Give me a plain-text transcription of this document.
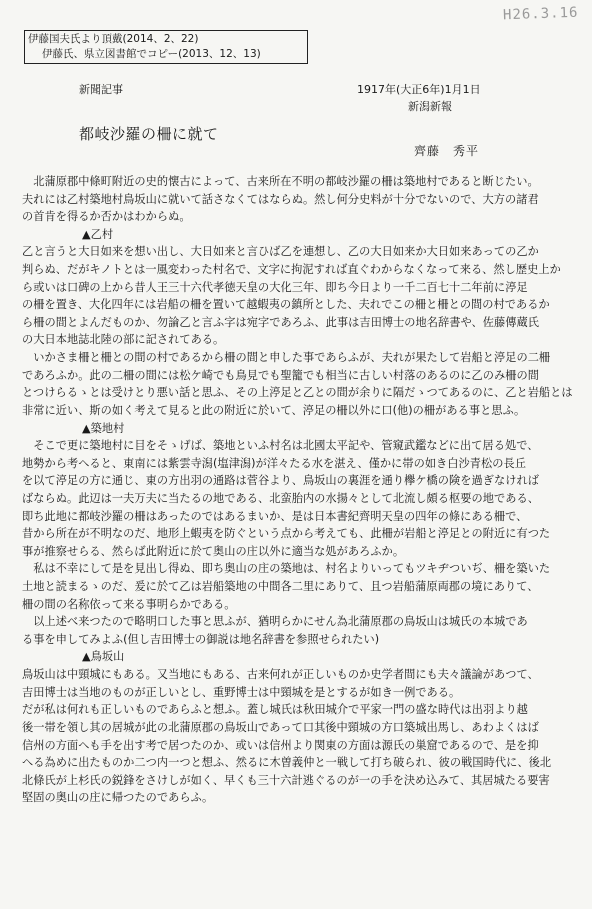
H26.3.16
伊藤国夫氏より頂戴(2014、2、22)
伊藤氏、県立図書館でコピー(2013、12、13)
新聞記事	1917年(大正6年)1月1日
新潟新報
都岐沙羅の柵に就て
齊藤　秀平
　北蒲原郡中條町附近の史的懐古によって、古来所在不明の都岐沙羅の柵は築地村であると断じたい。
夫れには乙村築地村鳥坂山に就いて話さなくてはならぬ。然し何分史料が十分でないので、大方の諸君
の首肯を得るか否かはわからぬ。
▲乙村
乙と言うと大日如来を想い出し、大日如来と言ひば乙を連想し、乙の大日如来か大日如来あっての乙か
判らぬ、だがキノトとは一風変わった村名で、文字に拘泥すれば直ぐわからなくなって来る、然し歴史上か
ら或いは口碑の上から昔人王三十六代孝徳天皇の大化三年、即ち今日より一千二百七十二年前に渟足
の柵を置き、大化四年には岩船の柵を置いて越蝦夷の鎮所とした、夫れでこの柵と柵との間の村であるか
ら柵の間とよんだものか、勿論乙と言ふ字は宛字であろふ、此事は吉田博士の地名辞書や、佐藤傳蔵氏
の大日本地誌北陸の部に記されてある。
　いかさま柵と柵との間の村であるから柵の間と申した事であらふが、夫れが果たして岩船と渟足の二柵
であろふか。此の二柵の間には松ケ崎でも鳥見でも聖籠でも相当に古しい村落のあるのに乙のみ柵の間
とつけらるゝとは受けとり悪い話と思ふ、その上渟足と乙との間が余りに隔だゝつてあるのに、乙と岩船とは
非常に近い、斯の如く考えて見ると此の附近に於いて、渟足の柵以外に口(他)の柵がある事と思ふ。
▲築地村
　そこで更に築地村に目をそゝげば、築地といふ村名は北國太平記や、管窺武鑑などに出て居る処で、
地勢から考へると、東南には紫雲寺潟(塩津潟)が洋々たる水を湛え、僅かに帯の如き白沙青松の長丘
を以て渟足の方に通じ、東の方出羽の通路は菅谷より、鳥坂山の裏涯を通り欅ケ橋の険を過ぎなければ
ばならぬ。此辺は一夫万夫に当たるの地である、北蛮胎内の水揚々として北流し頗る枢要の地である、
即ち此地に都岐沙羅の柵はあったのではあるまいか、是は日本書紀齊明天皇の四年の條にある柵で、
昔から所在が不明なのだ、地形上蝦夷を防ぐという点から考えても、此柵が岩船と渟足との附近に有つた
事が推察せらる、然らば此附近に於て奥山の庄以外に適当な処があろふか。
　私は不幸にして是を見出し得ぬ、即ち奥山の庄の築地は、村名よりいってもツキヂついぢ、柵を築いた
土地と読まるゝのだ、爰に於て乙は岩船築地の中間各二里にありて、且つ岩船蒲原両郡の境にありて、
柵の間の名称依って来る事明らかである。
　以上述べ来つたので略明口した事と思ふが、猶明らかにせん為北蒲原郡の鳥坂山は城氏の本城であ
る事を申してみよふ(但し吉田博士の御説は地名辞書を参照せられたい)
▲鳥坂山
鳥坂山は中頸城にもある。又当地にもある、古来何れが正しいものか史学者間にも夫々議論があつて、
吉田博士は当地のものが正しいとし、重野博士は中頸城を是とするが如き一例である。
だが私は何れも正しいものであらふと想ふ。蓋し城氏は秋田城介で平家一門の盛な時代は出羽より越
後一帯を領し其の居城が此の北蒲原郡の鳥坂山であって口其後中頸城の方口築城出馬し、あわよくはば
信州の方面へも手を出す考で居つたのか、或いは信州より関東の方面は源氏の巣窟であるので、是を抑
へる為めに出たものか二つ内一つと想ふ、然るに木曽義仲と一戦して打ち破られ、彼の戦国時代に、後北
北條氏が上杉氏の鋭鋒をさけしが如く、早くも三十六計逃ぐるのが一の手を決め込みて、其居城たる要害
堅固の奥山の庄に帰つたのであらふ。
